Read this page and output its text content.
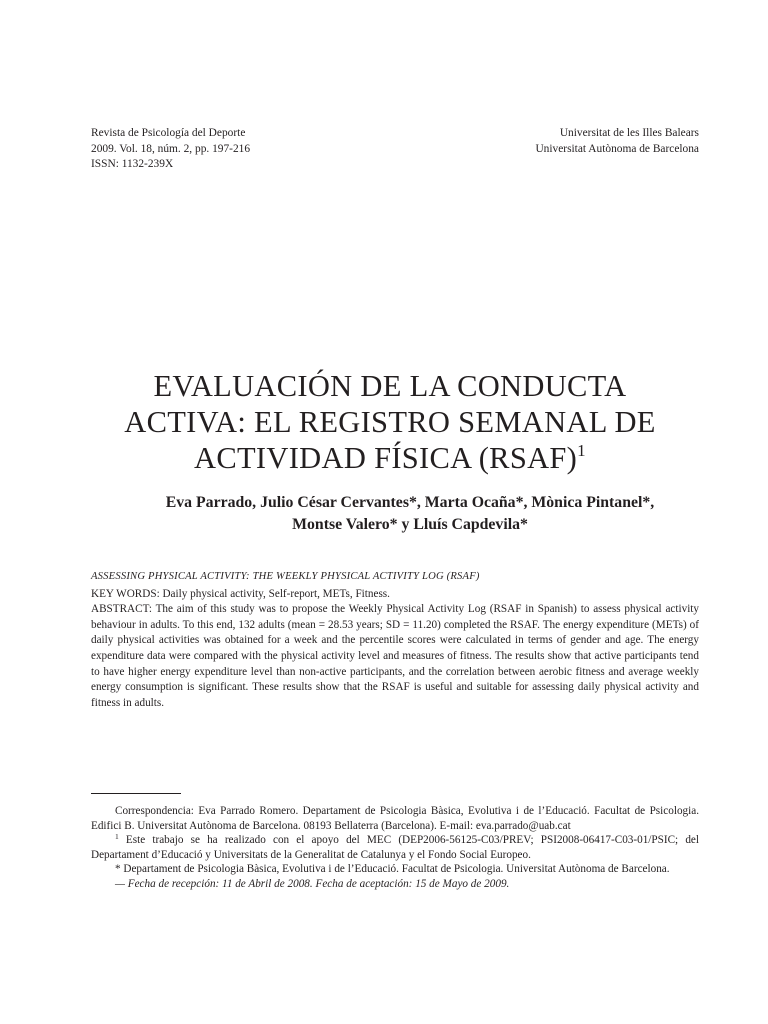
Revista de Psicología del Deporte
2009. Vol. 18, núm. 2, pp. 197-216
ISSN: 1132-239X
Universitat de les Illes Balears
Universitat Autònoma de Barcelona
EVALUACIÓN DE LA CONDUCTA
ACTIVA: EL REGISTRO SEMANAL DE
ACTIVIDAD FÍSICA (RSAF)$^1$
Eva Parrado, Julio César Cervantes*, Marta Ocaña*, Mònica Pintanel*,
Montse Valero* y Lluís Capdevila*
ASSESSING PHYSICAL ACTIVITY: THE WEEKLY PHYSICAL ACTIVITY LOG (RSAF)
KEY WORDS: Daily physical activity, Self-report, METs, Fitness.
ABSTRACT: The aim of this study was to propose the Weekly Physical Activity Log (RSAF in Spanish) to assess physical activity behaviour in adults. To this end, 132 adults (mean = 28.53 years; SD = 11.20) completed the RSAF. The energy expenditure (METs) of daily physical activities was obtained for a week and the percentile scores were calculated in terms of gender and age. The energy expenditure data were compared with the physical activity level and measures of fitness. The results show that active participants tend to have higher energy expenditure level than non-active participants, and the correlation between aerobic fitness and average weekly energy consumption is significant. These results show that the RSAF is useful and suitable for assessing daily physical activity and fitness in adults.

Correspondencia: Eva Parrado Romero. Departament de Psicologia Bàsica, Evolutiva i de l’Educació. Facultat de Psicologia. Edifici B. Universitat Autònoma de Barcelona. 08193 Bellaterra (Barcelona). E-mail: eva.parrado@uab.cat

$^1$ Este trabajo se ha realizado con el apoyo del MEC (DEP2006-56125-C03/PREV; PSI2008-06417-C03-01/PSIC; del Departament d’Educació y Universitats de la Generalitat de Catalunya y el Fondo Social Europeo.

* Departament de Psicologia Bàsica, Evolutiva i de l’Educació. Facultat de Psicologia. Universitat Autònoma de Barcelona.

— Fecha de recepción: 11 de Abril de 2008. Fecha de aceptación: 15 de Mayo de 2009.
